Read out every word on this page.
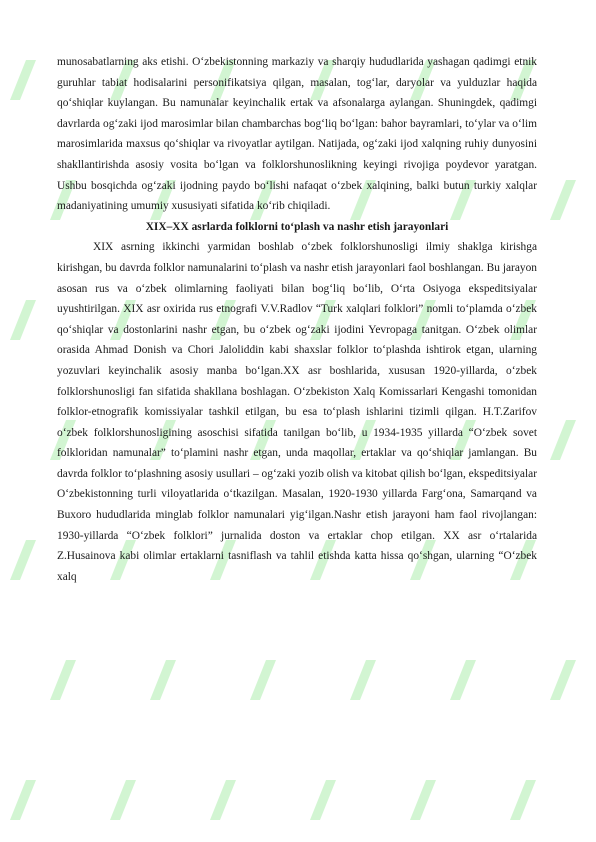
munosabatlarning aks etishi. O‘zbekistonning markaziy va sharqiy hududlarida yashagan qadimgi etnik guruhlar tabiat hodisalarini personifikatsiya qilgan, masalan, tog‘lar, daryolar va yulduzlar haqida qo‘shiqlar kuylangan. Bu namunalar keyinchalik ertak va afsonalarga aylangan. Shuningdek, qadimgi davrlarda og‘zaki ijod marosimlar bilan chambarchas bog‘liq bo‘lgan: bahor bayramlari, to‘ylar va o‘lim marosimlarida maxsus qo‘shiqlar va rivoyatlar aytilgan. Natijada, og‘zaki ijod xalqning ruhiy dunyosini shakllantirishda asosiy vosita bo‘lgan va folklorshunoslikning keyingi rivojiga poydevor yaratgan. Ushbu bosqichda og‘zaki ijodning paydo bo‘lishi nafaqat o‘zbek xalqining, balki butun turkiy xalqlar madaniyatining umumiy xususiyati sifatida ko‘rib chiqiladi.

XIX–XX asrlarda folklorni to‘plash va nashr etish jarayonlari

XIX asrning ikkinchi yarmidan boshlab o‘zbek folklorshunosligi ilmiy shaklga kirishga kirishgan, bu davrda folklor namunalarini to‘plash va nashr etish jarayonlari faol boshlangan. Bu jarayon asosan rus va o‘zbek olimlarning faoliyati bilan bog‘liq bo‘lib, O‘rta Osiyoga ekspeditsiyalar uyushtirilgan. XIX asr oxirida rus etnografi V.V.Radlov “Turk xalqlari folklori” nomli to‘plamda o‘zbek qo‘shiqlar va dostonlarini nashr etgan, bu o‘zbek og‘zaki ijodini Yevropaga tanitgan. O‘zbek olimlar orasida Ahmad Donish va Chori Jaloliddin kabi shaxslar folklor to‘plashda ishtirok etgan, ularning yozuvlari keyinchalik asosiy manba bo‘lgan.XX asr boshlarida, xususan 1920-yillarda, o‘zbek folklorshunosligi fan sifatida shakllana boshlagan. O‘zbekiston Xalq Komissarlari Kengashi tomonidan folklor-etnografik komissiyalar tashkil etilgan, bu esa to‘plash ishlarini tizimli qilgan. H.T.Zarifov o‘zbek folklorshunosligining asoschisi sifatida tanilgan bo‘lib, u 1934-1935 yillarda “O‘zbek sovet folkloridan namunalar” to‘plamini nashr etgan, unda maqollar, ertaklar va qo‘shiqlar jamlangan. Bu davrda folklor to‘plashning asosiy usullari – og‘zaki yozib olish va kitobat qilish bo‘lgan, ekspeditsiyalar O‘zbekistonning turli viloyatlarida o‘tkazilgan. Masalan, 1920-1930 yillarda Farg‘ona, Samarqand va Buxoro hududlarida minglab folklor namunalari yig‘ilgan.Nashr etish jarayoni ham faol rivojlangan: 1930-yillarda “O‘zbek folklori” jurnalida doston va ertaklar chop etilgan. XX asr o‘rtalarida Z.Husainova kabi olimlar ertaklarni tasniflash va tahlil etishda katta hissa qo‘shgan, ularning “O‘zbek xalq
